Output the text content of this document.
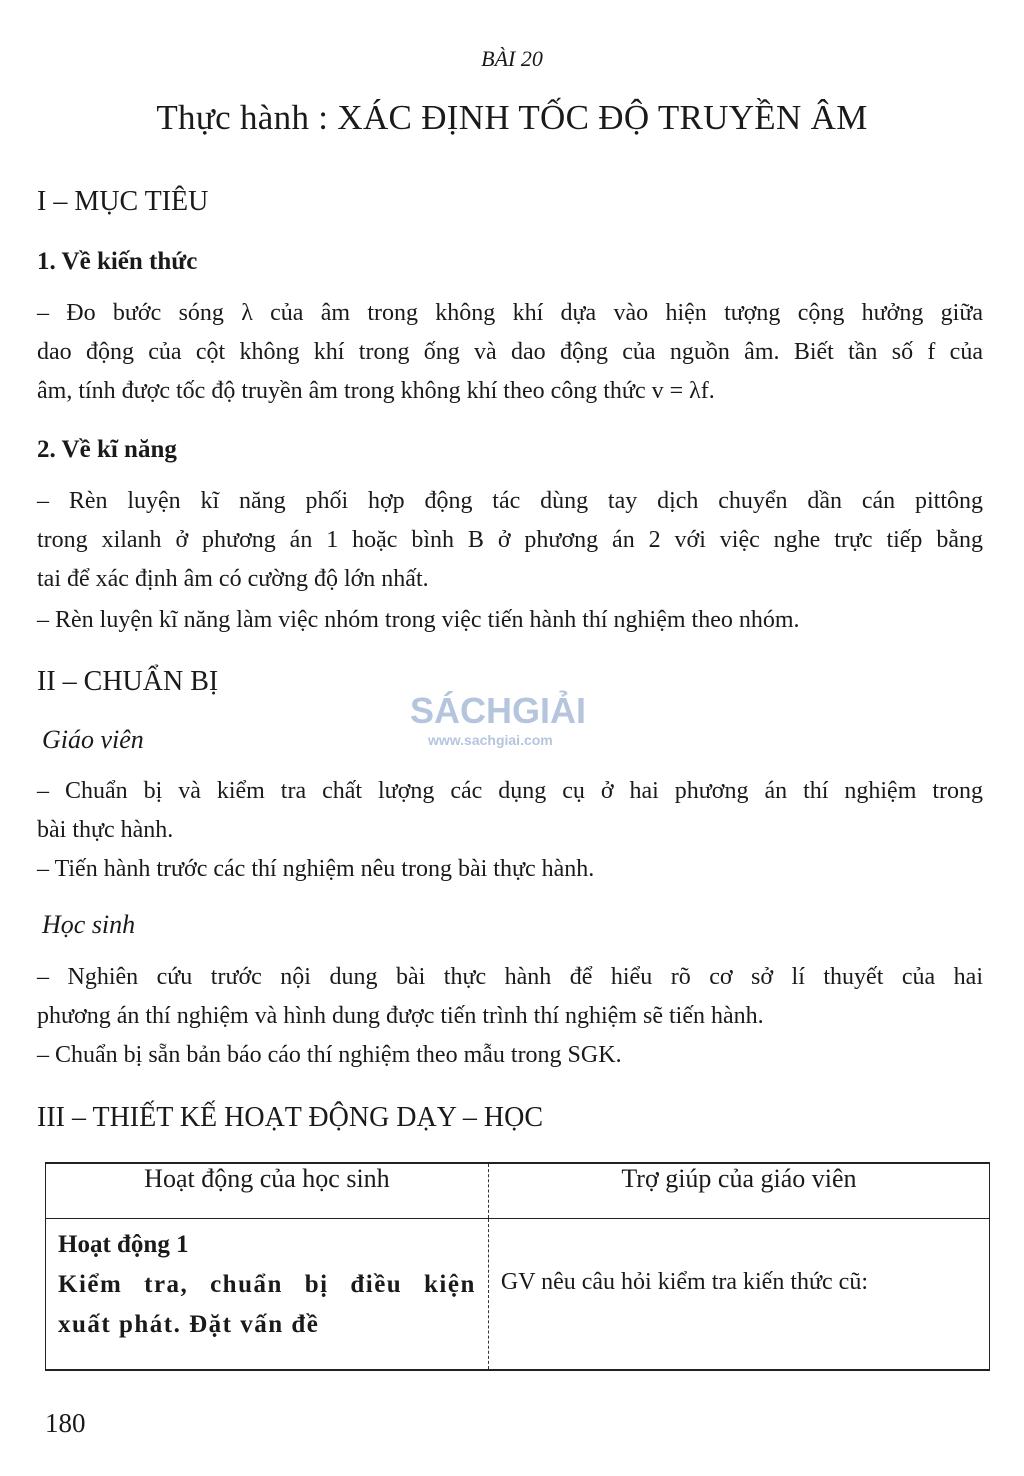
BÀI 20
Thực hành : XÁC ĐỊNH TỐC ĐỘ TRUYỀN ÂM
I – MỤC TIÊU
1. Về kiến thức
– Đo bước sóng λ của âm trong không khí dựa vào hiện tượng cộng hưởng giữa
dao động của cột không khí trong ống và dao động của nguồn âm. Biết tần số f của
âm, tính được tốc độ truyền âm trong không khí theo công thức v = λf.
2. Về kĩ năng
– Rèn luyện kĩ năng phối hợp động tác dùng tay dịch chuyển dần cán pittông
trong xilanh ở phương án 1 hoặc bình B ở phương án 2 với việc nghe trực tiếp bằng
tai để xác định âm có cường độ lớn nhất.
– Rèn luyện kĩ năng làm việc nhóm trong việc tiến hành thí nghiệm theo nhóm.
II – CHUẨN BỊ
Giáo viên
– Chuẩn bị và kiểm tra chất lượng các dụng cụ ở hai phương án thí nghiệm trong
bài thực hành.
– Tiến hành trước các thí nghiệm nêu trong bài thực hành.
Học sinh
– Nghiên cứu trước nội dung bài thực hành để hiểu rõ cơ sở lí thuyết của hai
phương án thí nghiệm và hình dung được tiến trình thí nghiệm sẽ tiến hành.
– Chuẩn bị sẵn bản báo cáo thí nghiệm theo mẫu trong SGK.
III – THIẾT KẾ HOẠT ĐỘNG DẠY – HỌC
SÁCHGIẢI
www.sachgiai.com
Hoạt động của học sinh	Trợ giúp của giáo viên

Hoạt động 1
Kiểm tra, chuẩn bị điều kiện
xuất phát. Đặt vấn đề	GV nêu câu hỏi kiểm tra kiến thức cũ:
180
